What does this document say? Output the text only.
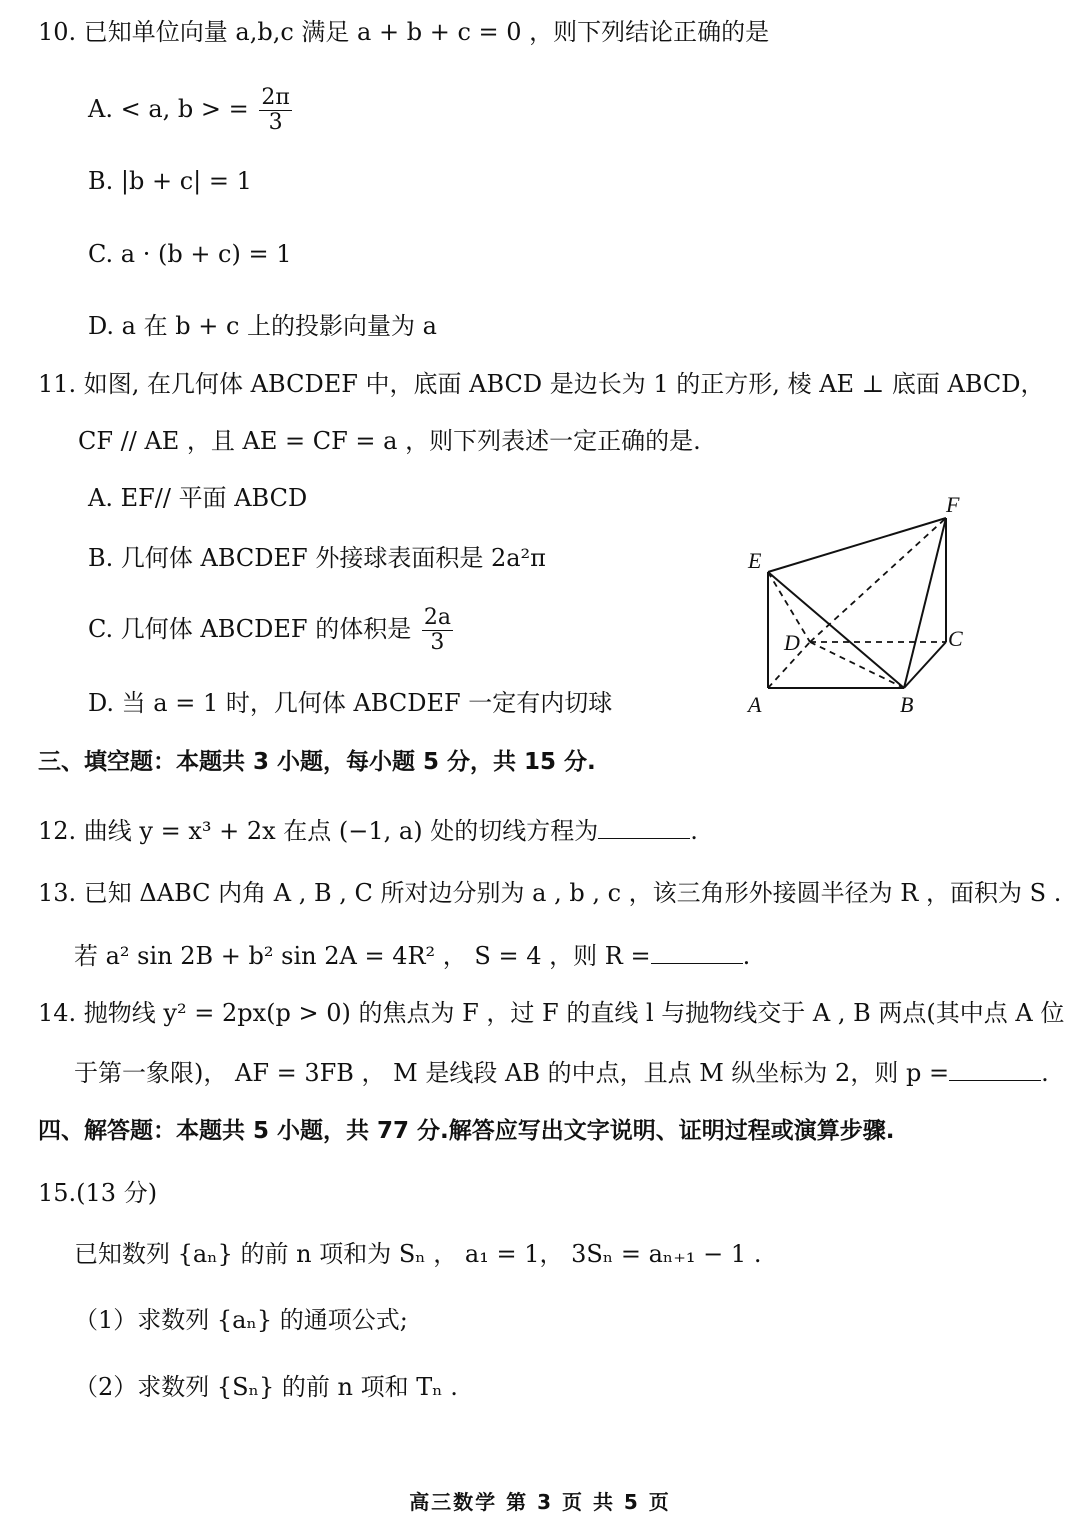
10. 已知单位向量 a,b,c 满足 a + b + c = 0 ，则下列结论正确的是
A. < a, b > = $\frac{2\pi}{3}$
B. |b + c| = 1
C. a · (b + c) = 1
D. a 在 b + c 上的投影向量为 a
11. 如图, 在几何体 ABCDEF 中，底面 ABCD 是边长为 1 的正方形, 棱 AE ⊥ 底面 ABCD，
CF // AE ，且 AE = CF = a ，则下列表述一定正确的是.
A. EF// 平面 ABCD
B. 几何体 ABCDEF 外接球表面积是 2a²π
C. 几何体 ABCDEF 的体积是 $\frac{2a}{3}$
D. 当 a = 1 时，几何体 ABCDEF 一定有内切球
E
F
D	C
A	B
三、填空题：本题共 3 小题，每小题 5 分，共 15 分.
12. 曲线 y = x³ + 2x 在点 (−1, a) 处的切线方程为	.
13. 已知 ΔABC 内角 A , B , C 所对边分别为 a , b , c ，该三角形外接圆半径为 R ，面积为 S .
若 a² sin 2B + b² sin 2A = 4R² ， S = 4 ，则 R =	.
14. 抛物线 y² = 2px(p > 0) 的焦点为 F ，过 F 的直线 l 与抛物线交于 A , B 两点(其中点 A 位
于第一象限)， AF = 3FB ， M 是线段 AB 的中点，且点 M 纵坐标为 2，则 p =	.
四、解答题：本题共 5 小题，共 77 分.解答应写出文字说明、证明过程或演算步骤.
15.(13 分)
已知数列 {aₙ} 的前 n 项和为 Sₙ ， a₁ = 1， 3Sₙ = aₙ₊₁ − 1 .
（1）求数列 {aₙ} 的通项公式;
（2）求数列 {Sₙ} 的前 n 项和 Tₙ .
高三数学 第 3 页 共 5 页
